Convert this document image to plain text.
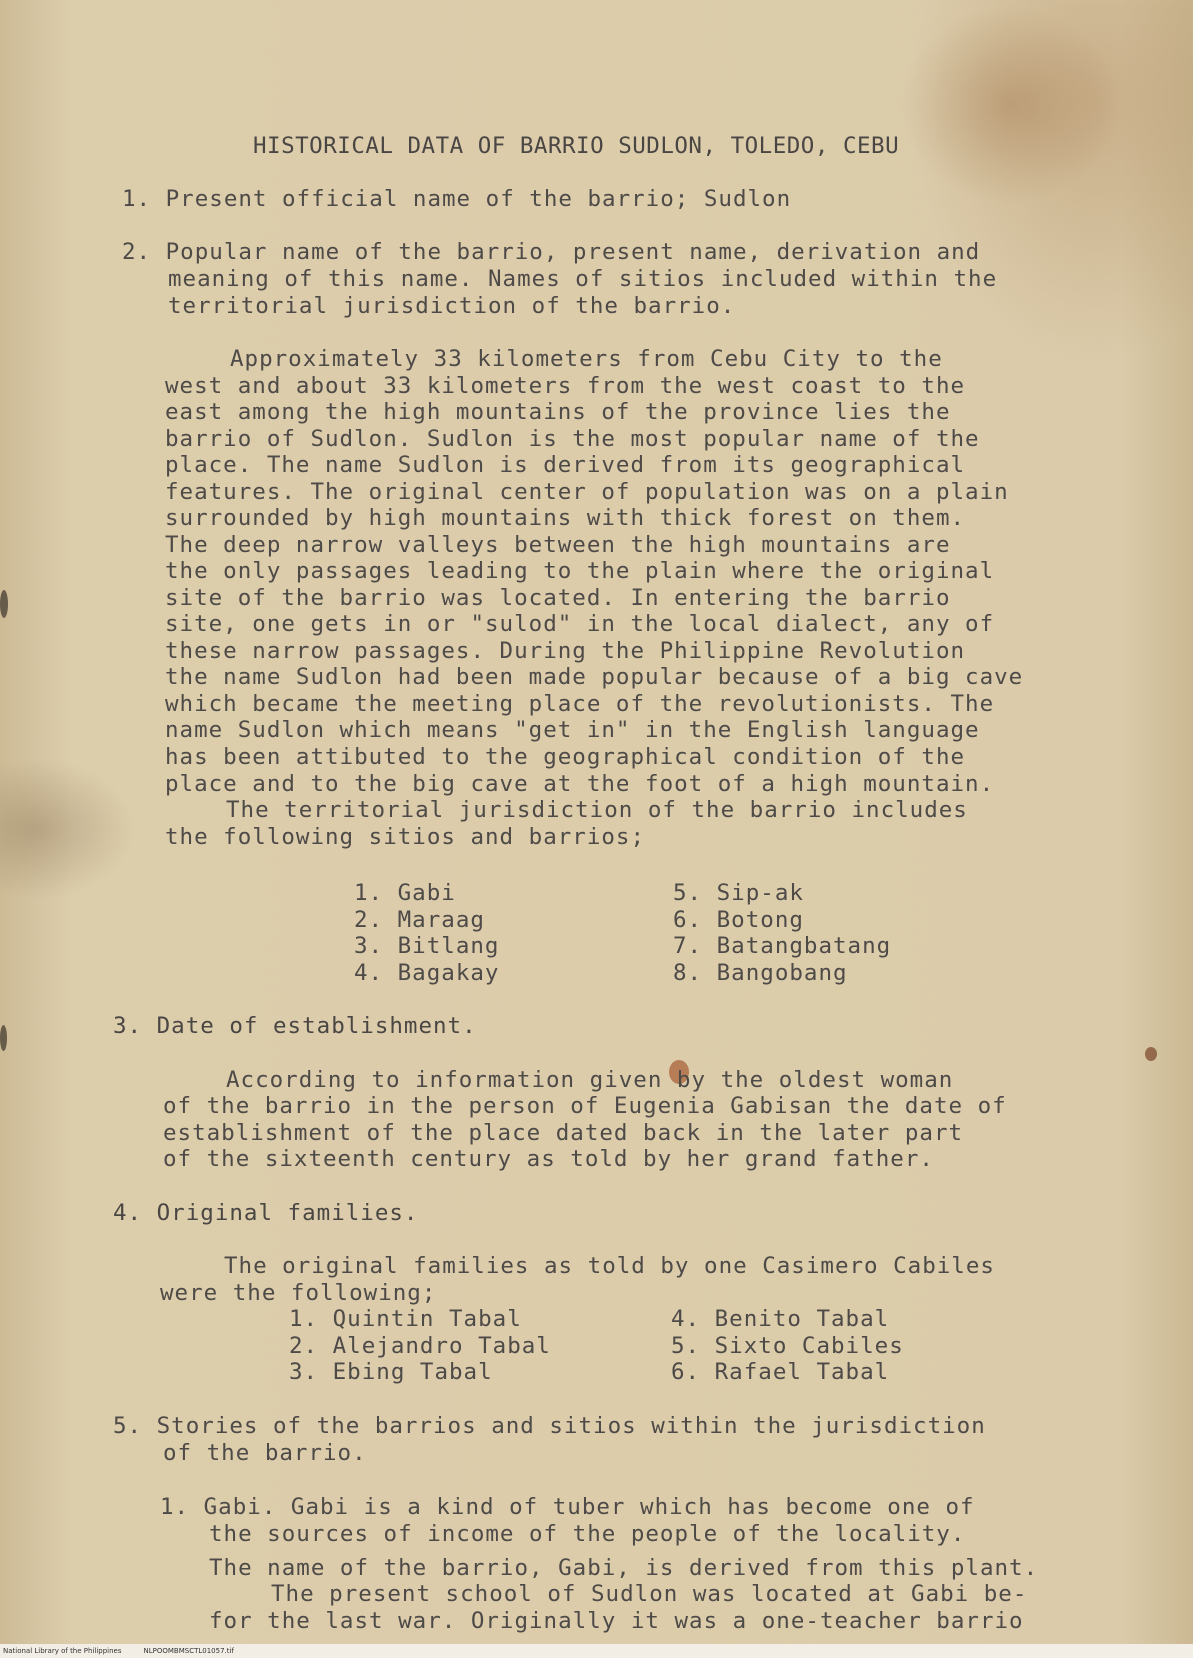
HISTORICAL DATA OF BARRIO SUDLON, TOLEDO, CEBU
1. Present official name of the barrio; Sudlon
2. Popular name of the barrio, present name, derivation and
meaning of this name. Names of sitios included within the
territorial jurisdiction of the barrio.
Approximately 33 kilometers from Cebu City to the
west and about 33 kilometers from the west coast to the
east among the high mountains of the province lies the
barrio of Sudlon. Sudlon is the most popular name of the
place. The name Sudlon is derived from its geographical
features. The original center of population was on a plain
surrounded by high mountains with thick forest on them.
The deep narrow valleys between the high mountains are
the only passages leading to the plain where the original
site of the barrio was located. In entering the barrio
site, one gets in or "sulod" in the local dialect, any of
these narrow passages. During the Philippine Revolution
the name Sudlon had been made popular because of a big cave
which became the meeting place of the revolutionists. The
name Sudlon which means "get in" in the English language
has been attibuted to the geographical condition of the
place and to the big cave at the foot of a high mountain.
The territorial jurisdiction of the barrio includes
the following sitios and barrios;
1. Gabi
2. Maraag
3. Bitlang
4. Bagakay
5. Sip-ak
6. Botong
7. Batangbatang
8. Bangobang
3. Date of establishment.
According to information given by the oldest woman
of the barrio in the person of Eugenia Gabisan the date of
establishment of the place dated back in the later part
of the sixteenth century as told by her grand father.
4. Original families.
The original families as told by one Casimero Cabiles
were the following;
1. Quintin Tabal
2. Alejandro Tabal
3. Ebing Tabal
4. Benito Tabal
5. Sixto Cabiles
6. Rafael Tabal
5. Stories of the barrios and sitios within the jurisdiction
of the barrio.
1. Gabi. Gabi is a kind of tuber which has become one of
the sources of income of the people of the locality.
The name of the barrio, Gabi, is derived from this plant.
The present school of Sudlon was located at Gabi be-
for the last war. Originally it was a one-teacher barrio
National Library of the Philippines	NLPOOMBMSCTL01057.tif
